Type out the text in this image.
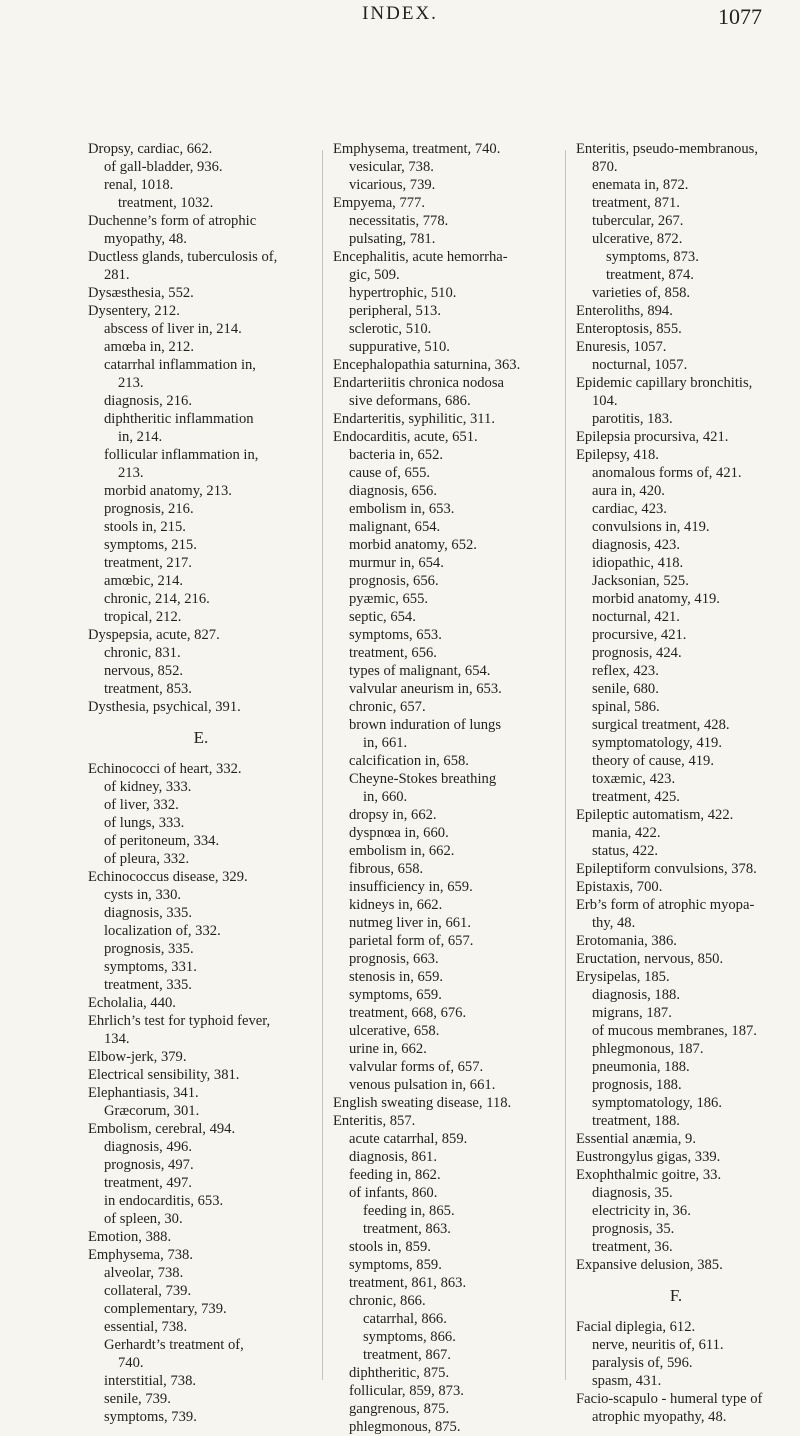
INDEX.	1077
Dropsy, cardiac, 662.
of gall-bladder, 936.
renal, 1018.
treatment, 1032.
Duchenne’s form of atrophic
myopathy, 48.
Ductless glands, tuberculosis of,
281.
Dysæsthesia, 552.
Dysentery, 212.
abscess of liver in, 214.
amœba in, 212.
catarrhal inflammation in,
213.
diagnosis, 216.
diphtheritic inflammation
in, 214.
follicular inflammation in,
213.
morbid anatomy, 213.
prognosis, 216.
stools in, 215.
symptoms, 215.
treatment, 217.
amœbic, 214.
chronic, 214, 216.
tropical, 212.
Dyspepsia, acute, 827.
chronic, 831.
nervous, 852.
treatment, 853.
Dysthesia, psychical, 391.
E.
Echinococci of heart, 332.
of kidney, 333.
of liver, 332.
of lungs, 333.
of peritoneum, 334.
of pleura, 332.
Echinococcus disease, 329.
cysts in, 330.
diagnosis, 335.
localization of, 332.
prognosis, 335.
symptoms, 331.
treatment, 335.
Echolalia, 440.
Ehrlich’s test for typhoid fever,
134.
Elbow-jerk, 379.
Electrical sensibility, 381.
Elephantiasis, 341.
Græcorum, 301.
Embolism, cerebral, 494.
diagnosis, 496.
prognosis, 497.
treatment, 497.
in endocarditis, 653.
of spleen, 30.
Emotion, 388.
Emphysema, 738.
alveolar, 738.
collateral, 739.
complementary, 739.
essential, 738.
Gerhardt’s treatment of,
740.
interstitial, 738.
senile, 739.
symptoms, 739.
Emphysema, treatment, 740.
vesicular, 738.
vicarious, 739.
Empyema, 777.
necessitatis, 778.
pulsating, 781.
Encephalitis, acute hemorrha-
gic, 509.
hypertrophic, 510.
peripheral, 513.
sclerotic, 510.
suppurative, 510.
Encephalopathia saturnina, 363.
Endarteriitis chronica nodosa
sive deformans, 686.
Endarteritis, syphilitic, 311.
Endocarditis, acute, 651.
bacteria in, 652.
cause of, 655.
diagnosis, 656.
embolism in, 653.
malignant, 654.
morbid anatomy, 652.
murmur in, 654.
prognosis, 656.
pyæmic, 655.
septic, 654.
symptoms, 653.
treatment, 656.
types of malignant, 654.
valvular aneurism in, 653.
chronic, 657.
brown induration of lungs
in, 661.
calcification in, 658.
Cheyne-Stokes breathing
in, 660.
dropsy in, 662.
dyspnœa in, 660.
embolism in, 662.
fibrous, 658.
insufficiency in, 659.
kidneys in, 662.
nutmeg liver in, 661.
parietal form of, 657.
prognosis, 663.
stenosis in, 659.
symptoms, 659.
treatment, 668, 676.
ulcerative, 658.
urine in, 662.
valvular forms of, 657.
venous pulsation in, 661.
English sweating disease, 118.
Enteritis, 857.
acute catarrhal, 859.
diagnosis, 861.
feeding in, 862.
of infants, 860.
feeding in, 865.
treatment, 863.
stools in, 859.
symptoms, 859.
treatment, 861, 863.
chronic, 866.
catarrhal, 866.
symptoms, 866.
treatment, 867.
diphtheritic, 875.
follicular, 859, 873.
gangrenous, 875.
phlegmonous, 875.
Enteritis, pseudo-membranous,
870.
enemata in, 872.
treatment, 871.
tubercular, 267.
ulcerative, 872.
symptoms, 873.
treatment, 874.
varieties of, 858.
Enteroliths, 894.
Enteroptosis, 855.
Enuresis, 1057.
nocturnal, 1057.
Epidemic capillary bronchitis,
104.
parotitis, 183.
Epilepsia procursiva, 421.
Epilepsy, 418.
anomalous forms of, 421.
aura in, 420.
cardiac, 423.
convulsions in, 419.
diagnosis, 423.
idiopathic, 418.
Jacksonian, 525.
morbid anatomy, 419.
nocturnal, 421.
procursive, 421.
prognosis, 424.
reflex, 423.
senile, 680.
spinal, 586.
surgical treatment, 428.
symptomatology, 419.
theory of cause, 419.
toxæmic, 423.
treatment, 425.
Epileptic automatism, 422.
mania, 422.
status, 422.
Epileptiform convulsions, 378.
Epistaxis, 700.
Erb’s form of atrophic myopa-
thy, 48.
Erotomania, 386.
Eructation, nervous, 850.
Erysipelas, 185.
diagnosis, 188.
migrans, 187.
of mucous membranes, 187.
phlegmonous, 187.
pneumonia, 188.
prognosis, 188.
symptomatology, 186.
treatment, 188.
Essential anæmia, 9.
Eustrongylus gigas, 339.
Exophthalmic goitre, 33.
diagnosis, 35.
electricity in, 36.
prognosis, 35.
treatment, 36.
Expansive delusion, 385.
F.
Facial diplegia, 612.
nerve, neuritis of, 611.
paralysis of, 596.
spasm, 431.
Facio-scapulo - humeral type of
atrophic myopathy, 48.
